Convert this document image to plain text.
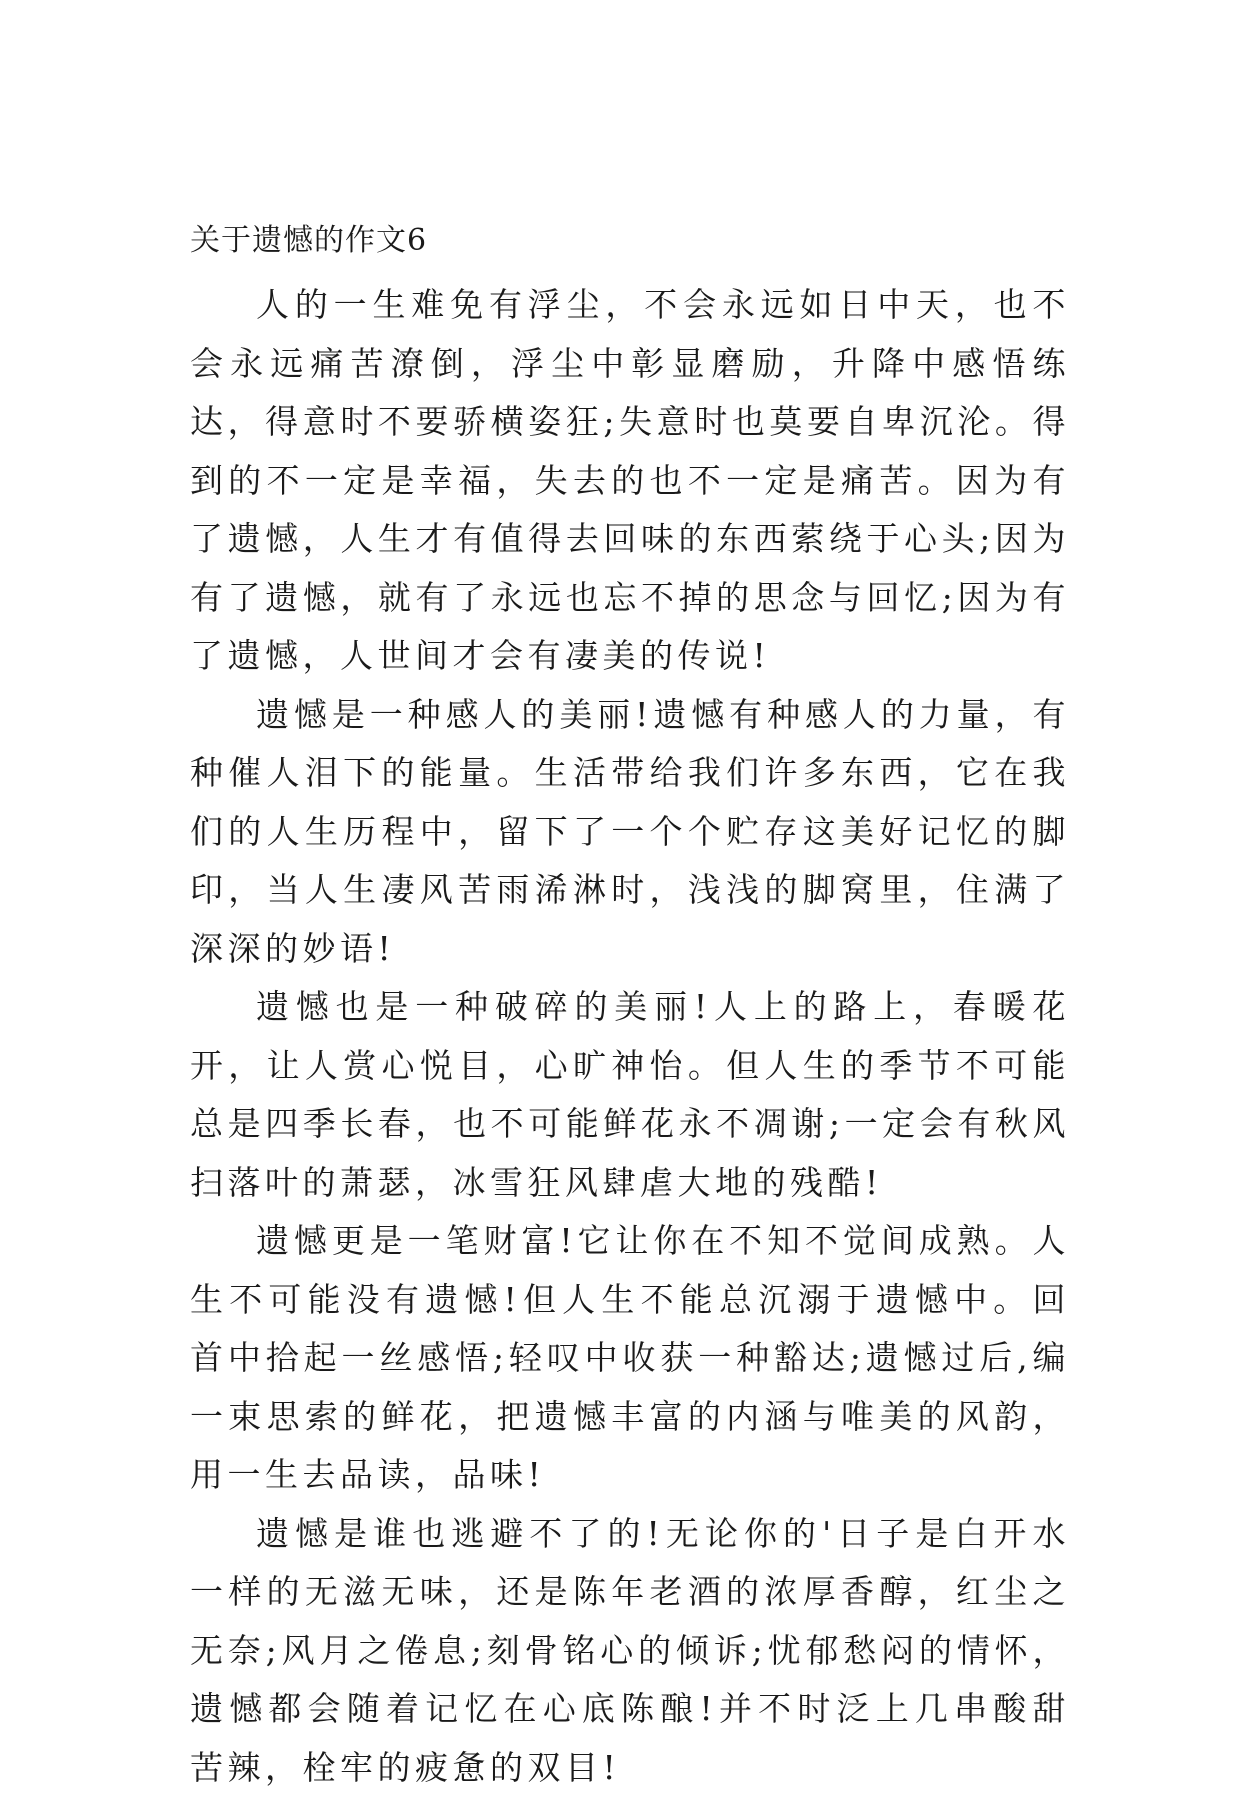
关于遗憾的作文6

人的一生难免有浮尘，不会永远如日中天，也不会永远痛苦潦倒，浮尘中彰显磨励，升降中感悟练达，得意时不要骄横姿狂;失意时也莫要自卑沉沦。得到的不一定是幸福，失去的也不一定是痛苦。因为有了遗憾，人生才有值得去回味的东西萦绕于心头;因为有了遗憾，就有了永远也忘不掉的思念与回忆;因为有了遗憾，人世间才会有凄美的传说!

遗憾是一种感人的美丽!遗憾有种感人的力量，有种催人泪下的能量。生活带给我们许多东西，它在我们的人生历程中，留下了一个个贮存这美好记忆的脚印，当人生凄风苦雨浠淋时，浅浅的脚窝里，住满了深深的妙语!

遗憾也是一种破碎的美丽!人上的路上，春暖花开，让人赏心悦目，心旷神怡。但人生的季节不可能总是四季长春，也不可能鲜花永不凋谢;一定会有秋风扫落叶的萧瑟，冰雪狂风肆虐大地的残酷!

遗憾更是一笔财富!它让你在不知不觉间成熟。人生不可能没有遗憾!但人生不能总沉溺于遗憾中。回首中拾起一丝感悟;轻叹中收获一种豁达;遗憾过后,编一束思索的鲜花，把遗憾丰富的内涵与唯美的风韵，用一生去品读，品味!

遗憾是谁也逃避不了的!无论你的'日子是白开水一样的无滋无味，还是陈年老酒的浓厚香醇，红尘之无奈;风月之倦息;刻骨铭心的倾诉;忧郁愁闷的情怀，遗憾都会随着记忆在心底陈酿!并不时泛上几串酸甜苦辣，栓牢的疲惫的双目!
